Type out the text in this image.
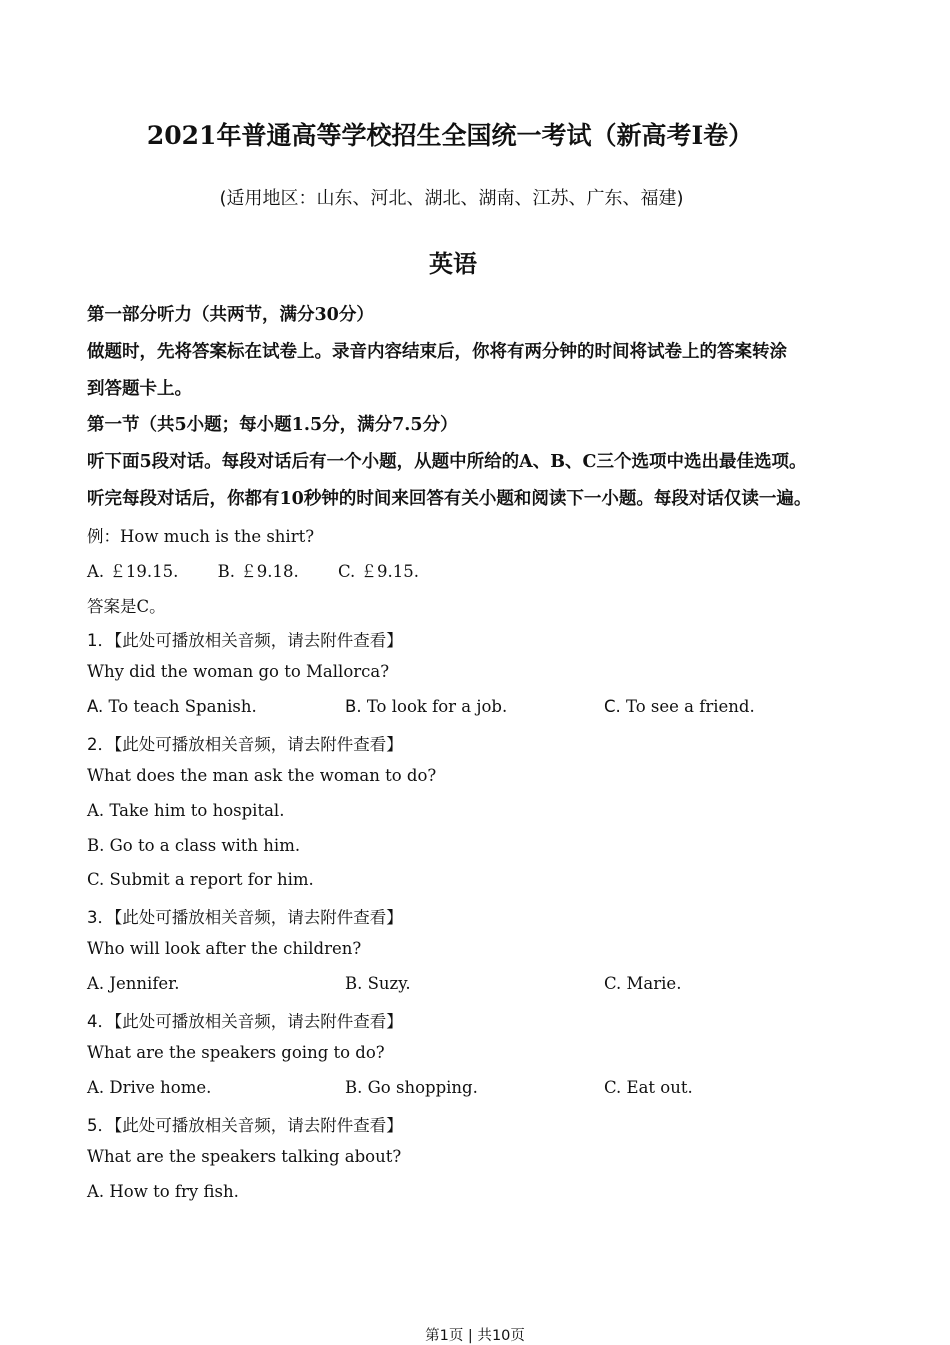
2021年普通高等学校招生全国统一考试（新高考I卷）
(适用地区：山东、河北、湖北、湖南、江苏、广东、福建)
英语
第一部分听力（共两节，满分30分）
做题时，先将答案标在试卷上。录音内容结束后，你将有两分钟的时间将试卷上的答案转涂
到答题卡上。
第一节（共5小题；每小题1.5分，满分7.5分）
听下面5段对话。每段对话后有一个小题，从题中所给的A、B、C三个选项中选出最佳选项。
听完每段对话后，你都有10秒钟的时间来回答有关小题和阅读下一小题。每段对话仅读一遍。
例：How much is the shirt?
A. ￡19.15. B. ￡9.18. C. ￡9.15.
答案是C。
1．【此处可播放相关音频，请去附件查看】
Why did the woman go to Mallorca?
A. To teach Spanish.	B. To look for a job.	C. To see a friend.
2．【此处可播放相关音频，请去附件查看】
What does the man ask the woman to do?
A. Take him to hospital.
B. Go to a class with him.
C. Submit a report for him.
3．【此处可播放相关音频，请去附件查看】
Who will look after the children?
A. Jennifer.	B. Suzy.	C. Marie.
4．【此处可播放相关音频，请去附件查看】
What are the speakers going to do?
A. Drive home.	B. Go shopping.	C. Eat out.
5．【此处可播放相关音频，请去附件查看】
What are the speakers talking about?
A. How to fry fish.
第1页 | 共10页
